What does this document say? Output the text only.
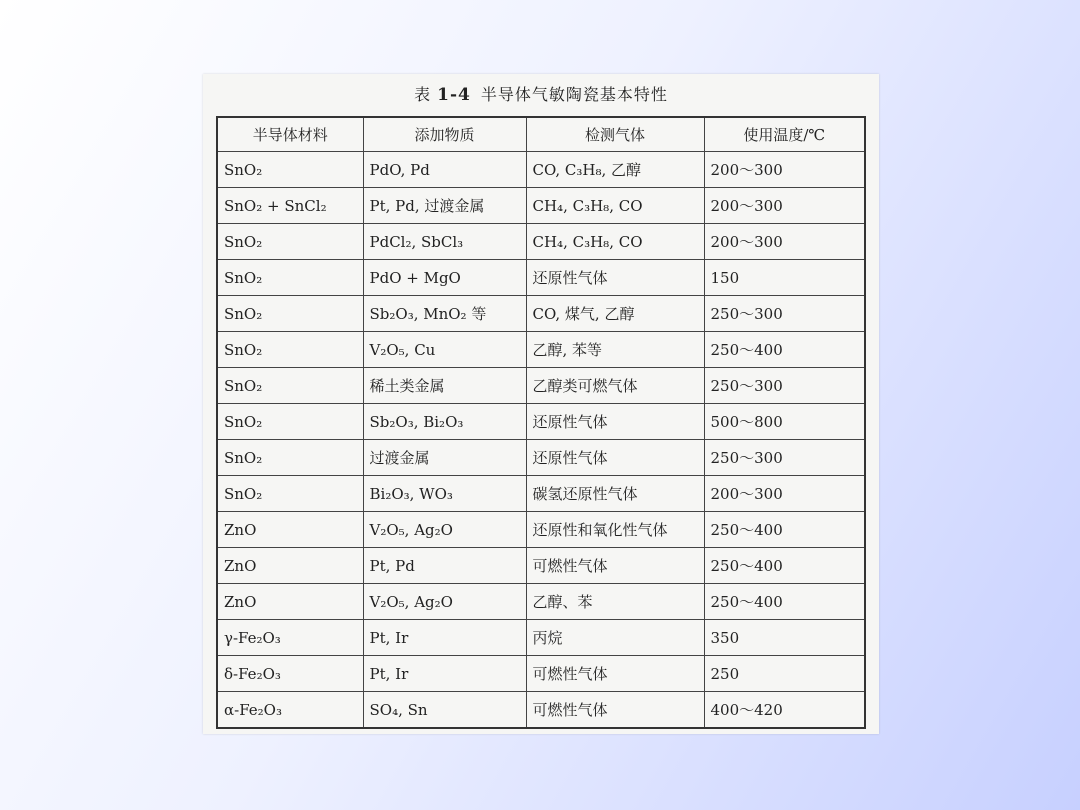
表 1-4 半导体气敏陶瓷基本特性
半导体材料	添加物质	检测气体	使用温度/℃
SnO₂	PdO, Pd	CO, C₃H₈, 乙醇	200～300
SnO₂ + SnCl₂	Pt, Pd, 过渡金属	CH₄, C₃H₈, CO	200～300
SnO₂	PdCl₂, SbCl₃	CH₄, C₃H₈, CO	200～300
SnO₂	PdO + MgO	还原性气体	150
SnO₂	Sb₂O₃, MnO₂ 等	CO, 煤气, 乙醇	250～300
SnO₂	V₂O₅, Cu	乙醇, 苯等	250～400
SnO₂	稀土类金属	乙醇类可燃气体	250～300
SnO₂	Sb₂O₃, Bi₂O₃	还原性气体	500～800
SnO₂	过渡金属	还原性气体	250～300
SnO₂	Bi₂O₃, WO₃	碳氢还原性气体	200～300
ZnO	V₂O₅, Ag₂O	还原性和氧化性气体	250～400
ZnO	Pt, Pd	可燃性气体	250～400
ZnO	V₂O₅, Ag₂O	乙醇、苯	250～400
γ-Fe₂O₃	Pt, Ir	丙烷	350
δ-Fe₂O₃	Pt, Ir	可燃性气体	250
α-Fe₂O₃	SO₄, Sn	可燃性气体	400～420
